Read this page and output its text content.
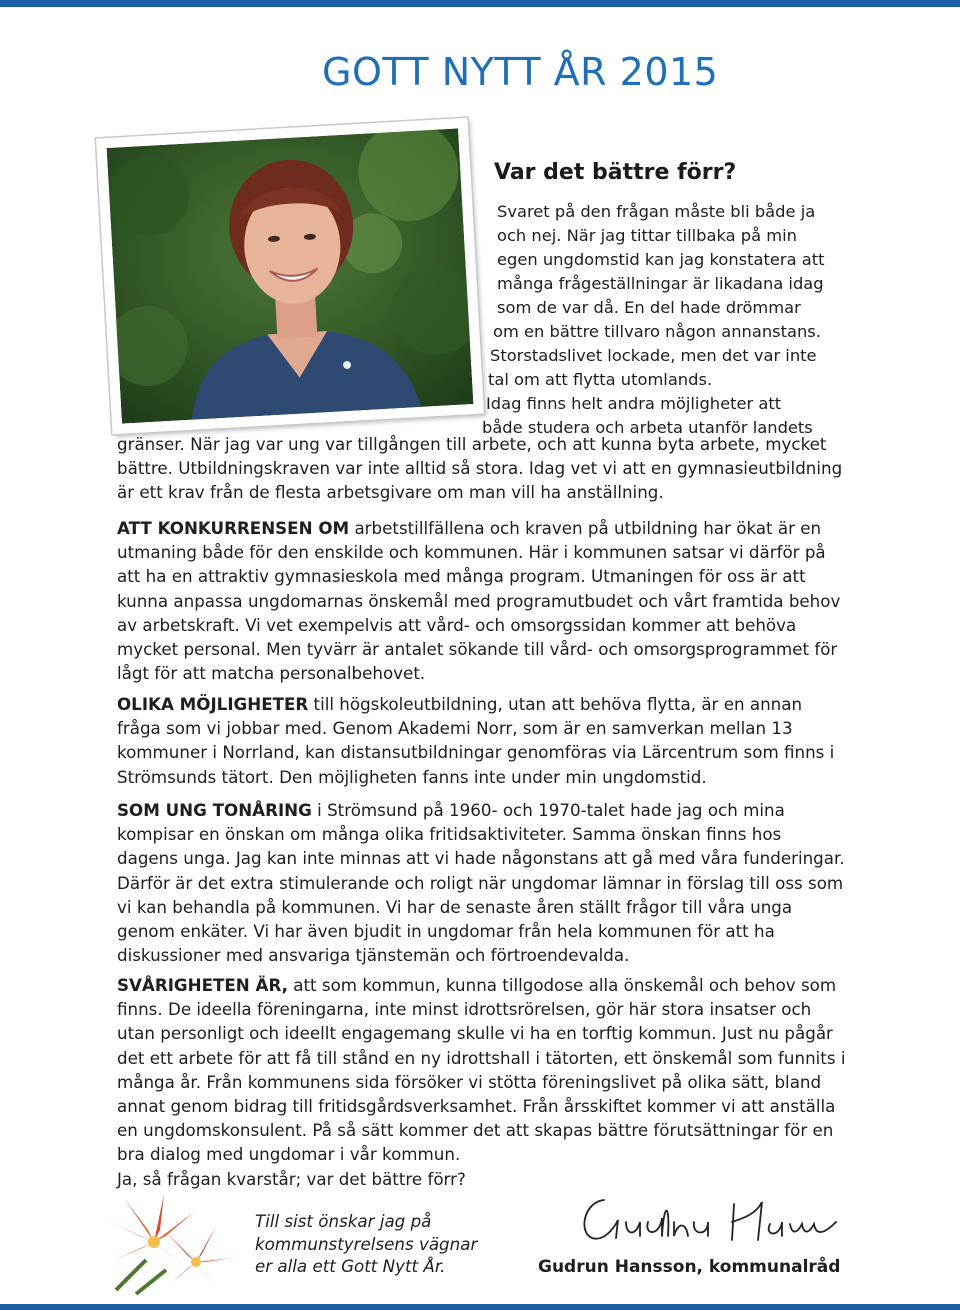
GOTT NYTT ÅR 2015
Var det bättre förr?
Svaret på den frågan måste bli både ja
och nej. När jag tittar tillbaka på min
egen ungdomstid kan jag konstatera att
många frågeställningar är likadana idag
som de var då. En del hade drömmar
om en bättre tillvaro någon annanstans.
Storstadslivet lockade, men det var inte
tal om att flytta utomlands.
Idag finns helt andra möjligheter att
både studera och arbeta utanför landets

gränser. När jag var ung var tillgången till arbete, och att kunna byta arbete, mycket bättre. Utbildningskraven var inte alltid så stora. Idag vet vi att en gymnasieutbildning är ett krav från de flesta arbetsgivare om man vill ha anställning.

ATT KONKURRENSEN OM arbetstillfällena och kraven på utbildning har ökat är en utmaning både för den enskilde och kommunen. Här i kommunen satsar vi därför på att ha en attraktiv gymnasieskola med många program. Utmaningen för oss är att kunna anpassa ungdomarnas önskemål med programutbudet och vårt framtida behov av arbetskraft. Vi vet exempelvis att vård- och omsorgssidan kommer att behöva mycket personal. Men tyvärr är antalet sökande till vård- och omsorgsprogrammet för lågt för att matcha personalbehovet.

OLIKA MÖJLIGHETER till högskoleutbildning, utan att behöva flytta, är en annan fråga som vi jobbar med. Genom Akademi Norr, som är en samverkan mellan 13 kommuner i Norrland, kan distansutbildningar genomföras via Lärcentrum som finns i Strömsunds tätort. Den möjligheten fanns inte under min ungdomstid.

SOM UNG TONÅRING i Strömsund på 1960- och 1970-talet hade jag och mina kompisar en önskan om många olika fritidsaktiviteter. Samma önskan finns hos dagens unga. Jag kan inte minnas att vi hade någonstans att gå med våra funderingar. Därför är det extra stimulerande och roligt när ungdomar lämnar in förslag till oss som vi kan behandla på kommunen. Vi har de senaste åren ställt frågor till våra unga genom enkäter. Vi har även bjudit in ungdomar från hela kommunen för att ha diskussioner med ansvariga tjänstemän och förtroendevalda.

SVÅRIGHETEN ÄR, att som kommun, kunna tillgodose alla önskemål och behov som finns. De ideella föreningarna, inte minst idrottsrörelsen, gör här stora insatser och utan personligt och ideellt engagemang skulle vi ha en torftig kommun. Just nu pågår det ett arbete för att få till stånd en ny idrottshall i tätorten, ett önskemål som funnits i många år. Från kommunens sida försöker vi stötta föreningslivet på olika sätt, bland annat genom bidrag till fritidsgårdsverksamhet. Från årsskiftet kommer vi att anställa en ungdomskonsulent. På så sätt kommer det att skapas bättre förutsättningar för en bra dialog med ungdomar i vår kommun.

Ja, så frågan kvarstår; var det bättre förr?

Till sist önskar jag på
kommunstyrelsens vägnar
er alla ett Gott Nytt År.	Gudrun Hansson, kommunalråd
